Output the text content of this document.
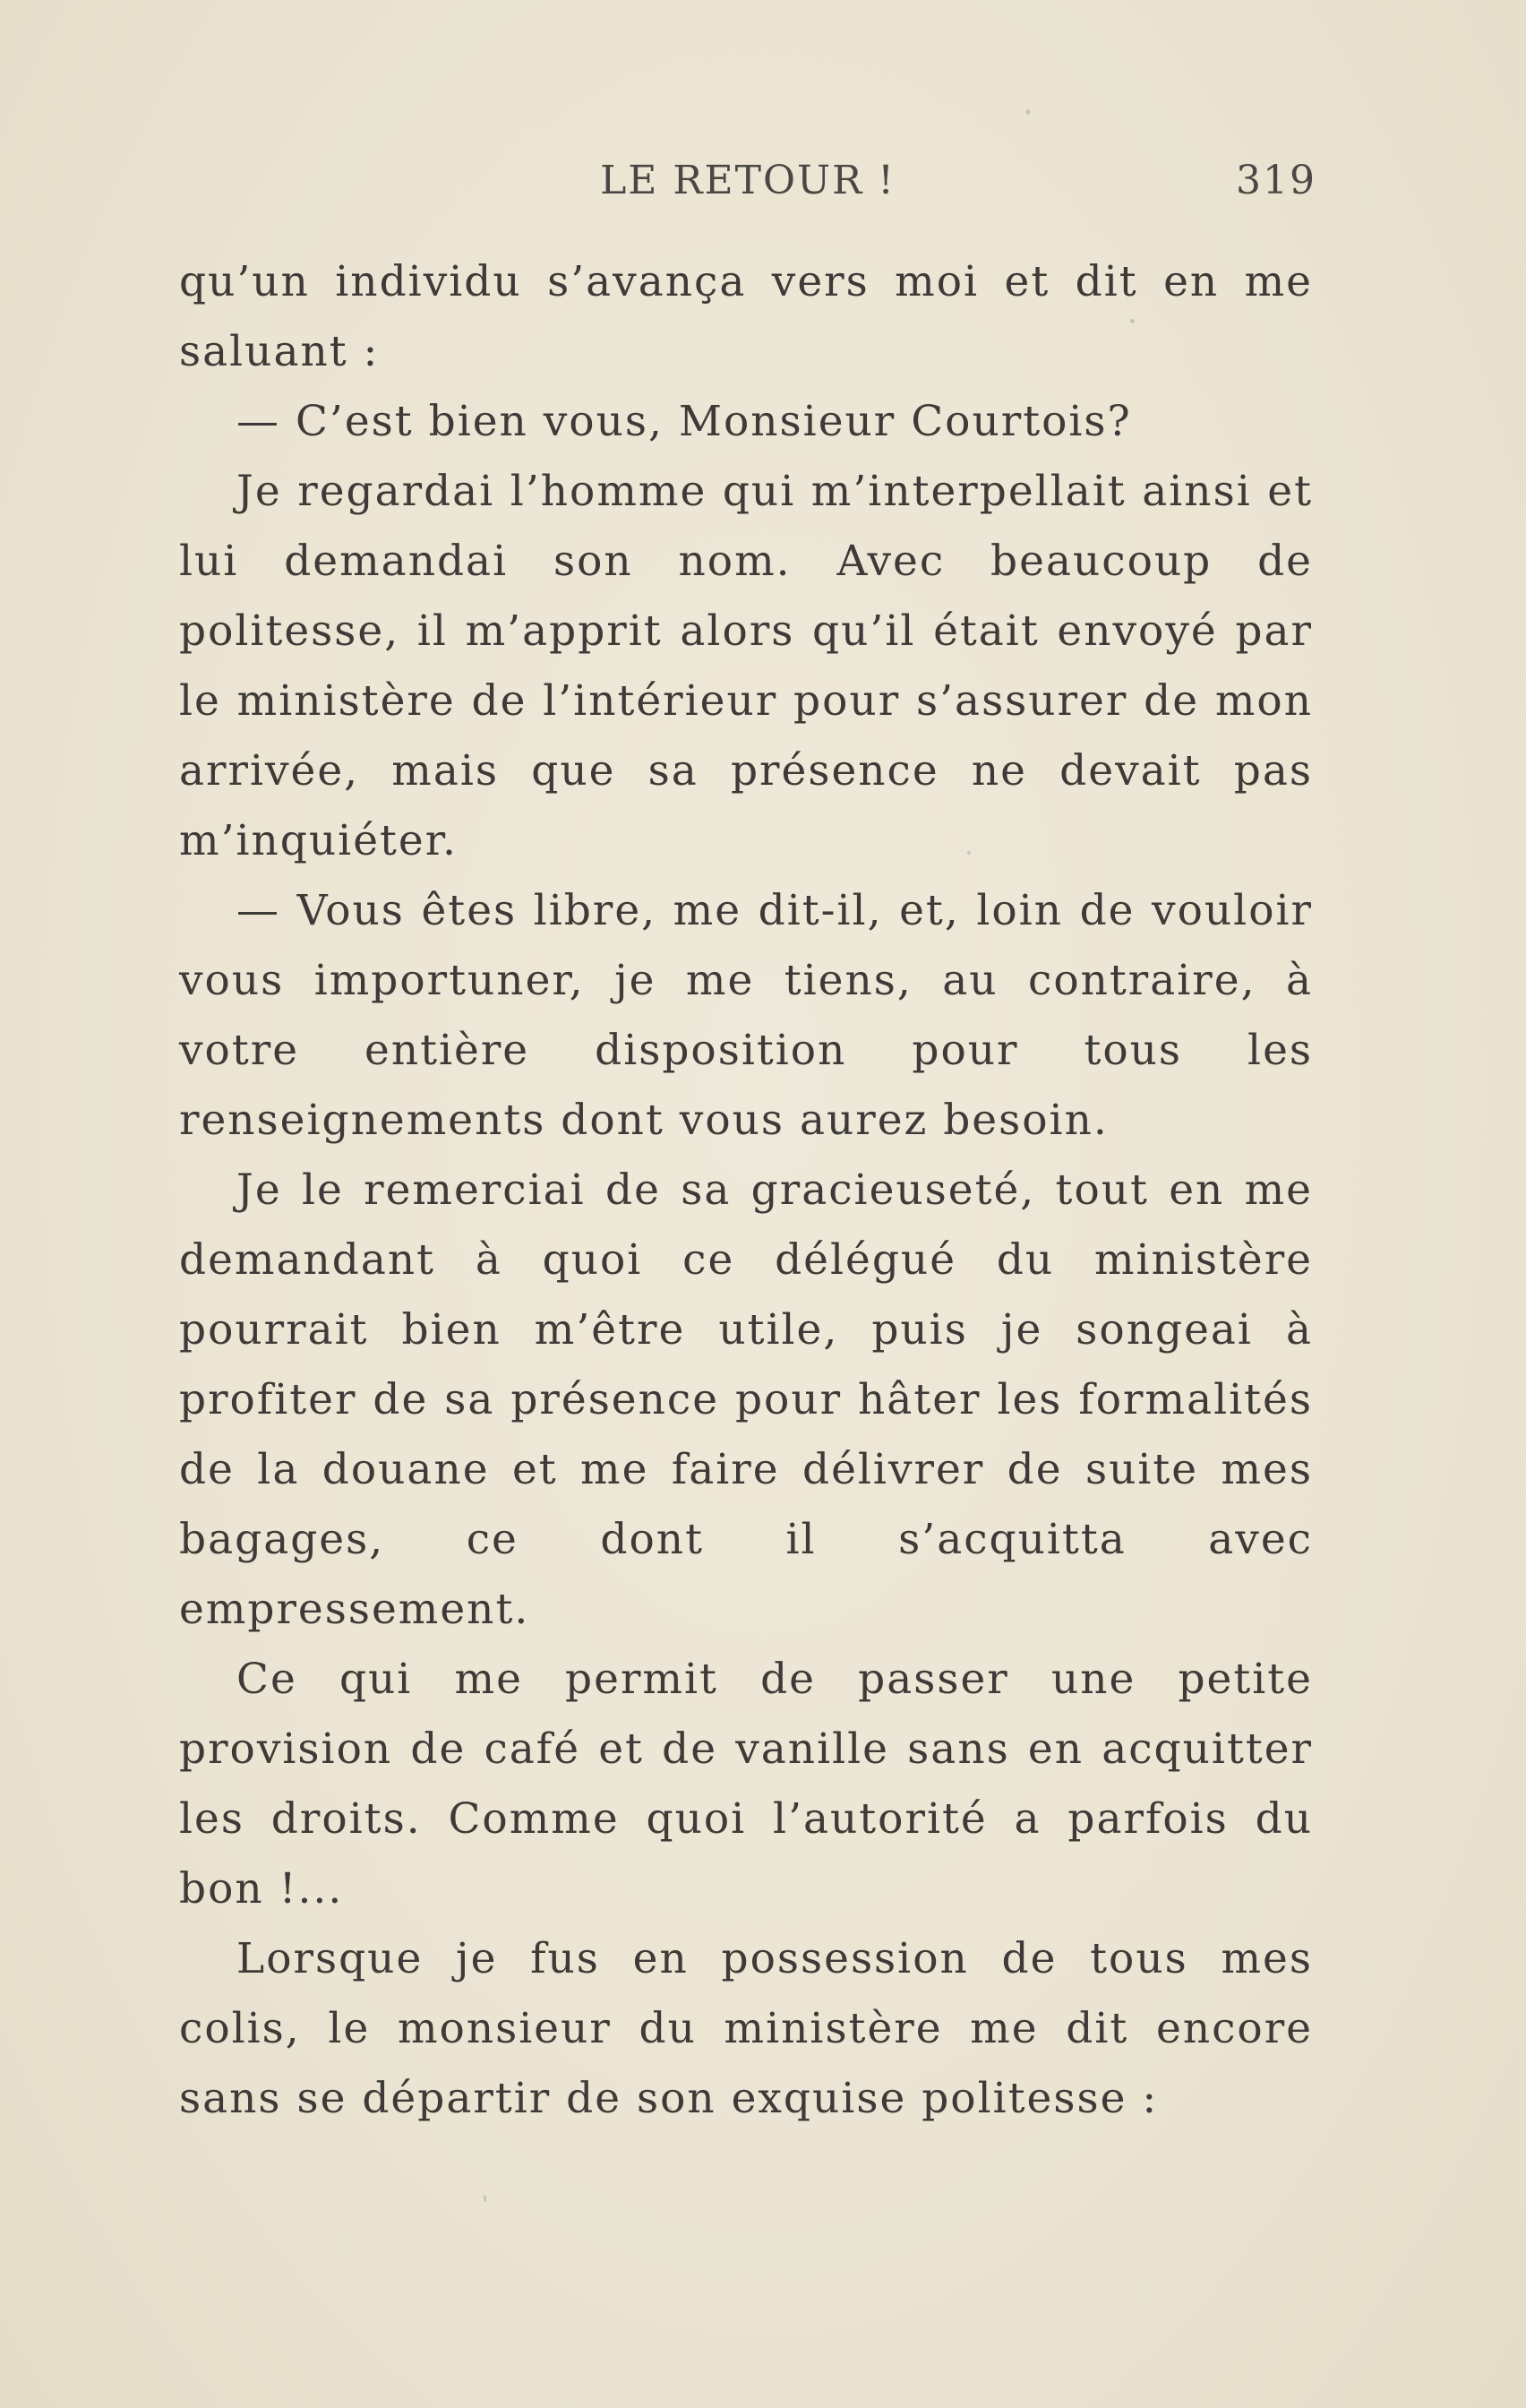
LE RETOUR !	319

qu’un individu s’avança vers moi et dit en me saluant :

— C’est bien vous, Monsieur Courtois?

Je regardai l’homme qui m’interpellait ainsi et lui demandai son nom. Avec beaucoup de politesse, il m’apprit alors qu’il était envoyé par le ministère de l’intérieur pour s’assurer de mon arrivée, mais que sa présence ne devait pas m’inquiéter.

— Vous êtes libre, me dit-il, et, loin de vouloir vous importuner, je me tiens, au contraire, à votre entière disposition pour tous les renseignements dont vous aurez besoin.

Je le remerciai de sa gracieuseté, tout en me demandant à quoi ce délégué du ministère pourrait bien m’être utile, puis je songeai à profiter de sa présence pour hâter les formalités de la douane et me faire délivrer de suite mes bagages, ce dont il s’acquitta avec empressement.

Ce qui me permit de passer une petite provision de café et de vanille sans en acquitter les droits. Comme quoi l’autorité a parfois du bon !...

Lorsque je fus en possession de tous mes colis, le monsieur du ministère me dit encore sans se départir de son exquise politesse :
